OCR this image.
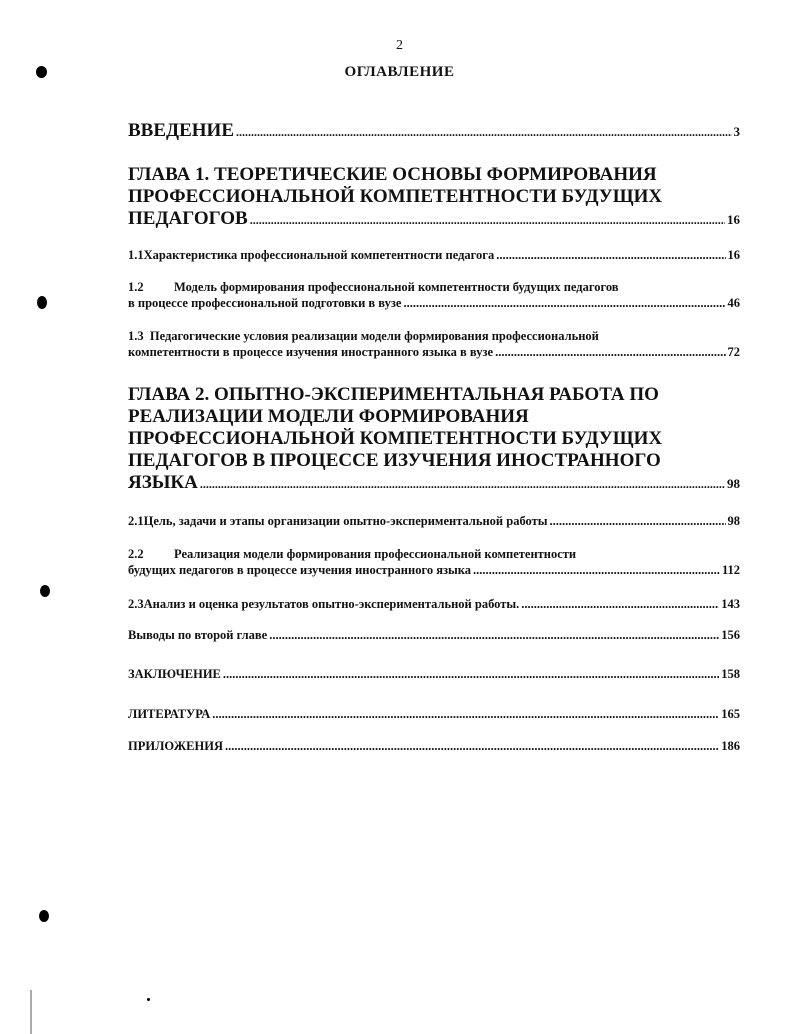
2
ОГЛАВЛЕНИЕ
ВВЕДЕНИЕ .....	3
ГЛАВА 1. ТЕОРЕТИЧЕСКИЕ ОСНОВЫ ФОРМИРОВАНИЯ
ПРОФЕССИОНАЛЬНОЙ КОМПЕТЕНТНОСТИ БУДУЩИХ
ПЕДАГОГОВ .....	16
1.1 Характеристика профессиональной компетентности педагога .....	16
1.2 Модель формирования профессиональной компетентности будущих педагогов
в процессе профессиональной подготовки в вузе .....	46
1.3 Педагогические условия реализации модели формирования профессиональной
компетентности в процессе изучения иностранного языка в вузе .....	72
ГЛАВА 2. ОПЫТНО-ЭКСПЕРИМЕНТАЛЬНАЯ РАБОТА ПО
РЕАЛИЗАЦИИ МОДЕЛИ ФОРМИРОВАНИЯ
ПРОФЕССИОНАЛЬНОЙ КОМПЕТЕНТНОСТИ БУДУЩИХ
ПЕДАГОГОВ В ПРОЦЕССЕ ИЗУЧЕНИЯ ИНОСТРАННОГО
ЯЗЫКА .....	98
2.1 Цель, задачи и этапы организации опытно-экспериментальной работы .....	98
2.2 Реализация модели формирования профессиональной компетентности
будущих педагогов в процессе изучения иностранного языка .....	112
2.3 Анализ и оценка результатов опытно-экспериментальной работы. .....	143
Выводы по второй главе .....	156
ЗАКЛЮЧЕНИЕ .....	158
ЛИТЕРАТУРА .....	165
ПРИЛОЖЕНИЯ .....	186
